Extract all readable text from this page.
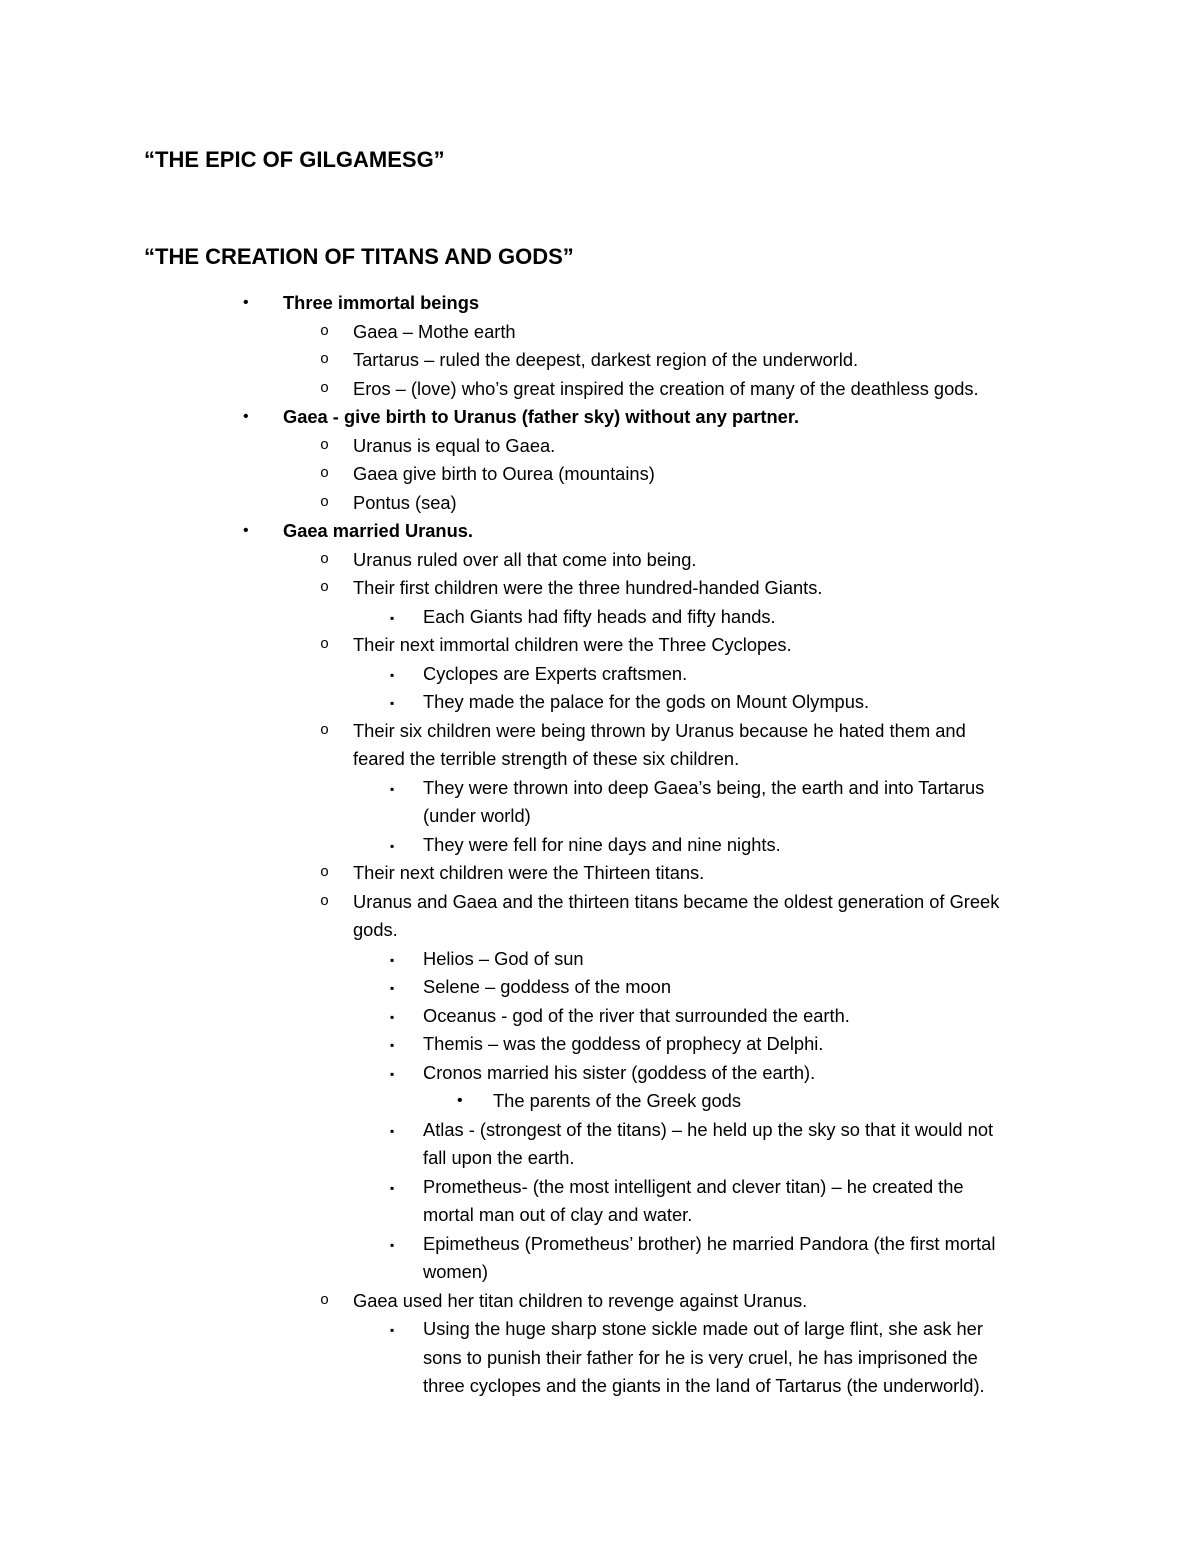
“THE EPIC OF GILGAMESG”
“THE CREATION OF TITANS AND GODS”
• Three immortal beings
o Gaea – Mothe earth
o Tartarus – ruled the deepest, darkest region of the underworld.
o Eros – (love) who’s great inspired the creation of many of the deathless gods.
• Gaea - give birth to Uranus (father sky) without any partner.
o Uranus is equal to Gaea.
o Gaea give birth to Ourea (mountains)
o Pontus (sea)
• Gaea married Uranus.
o Uranus ruled over all that come into being.
o Their first children were the three hundred-handed Giants.
▪ Each Giants had fifty heads and fifty hands.
o Their next immortal children were the Three Cyclopes.
▪ Cyclopes are Experts craftsmen.
▪ They made the palace for the gods on Mount Olympus.
o Their six children were being thrown by Uranus because he hated them and
feared the terrible strength of these six children.
▪ They were thrown into deep Gaea’s being, the earth and into Tartarus
(under world)
▪ They were fell for nine days and nine nights.
o Their next children were the Thirteen titans.
o Uranus and Gaea and the thirteen titans became the oldest generation of Greek
gods.
▪ Helios – God of sun
▪ Selene – goddess of the moon
▪ Oceanus - god of the river that surrounded the earth.
▪ Themis – was the goddess of prophecy at Delphi.
▪ Cronos married his sister (goddess of the earth).
• The parents of the Greek gods
▪ Atlas - (strongest of the titans) – he held up the sky so that it would not
fall upon the earth.
▪ Prometheus- (the most intelligent and clever titan) – he created the
mortal man out of clay and water.
▪ Epimetheus (Prometheus’ brother) he married Pandora (the first mortal
women)
o Gaea used her titan children to revenge against Uranus.
▪ Using the huge sharp stone sickle made out of large flint, she ask her
sons to punish their father for he is very cruel, he has imprisoned the
three cyclopes and the giants in the land of Tartarus (the underworld).
